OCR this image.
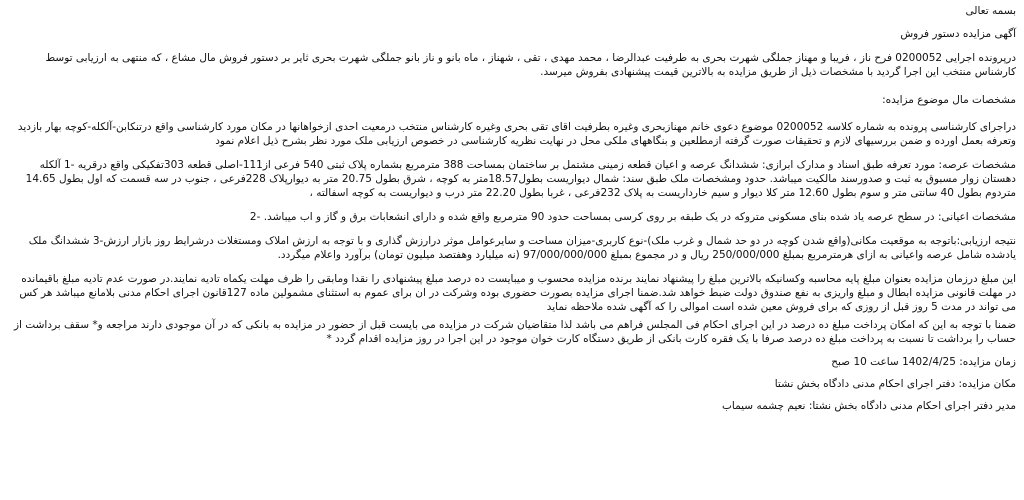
بسمه تعالی

آگهی مزایده دستور فروش

درپرونده اجرایی 0200052 فرح ناز ، فریبا و مهناز جملگی شهرت بحری به طرفیت عبدالرضا ، محمد مهدی ، تقی ، شهناز ، ماه بانو و ناز بانو جملگی شهرت بحری ثایر بر دستور فروش مال مشاع ، که منتهی به ارزیابی توسط کارشناس منتخب این اجرا گردید با مشخصات ذیل از طریق مزایده به بالاترین قیمت پیشنهادی بفروش میرسد.

مشخصات مال موضوع مزایده:

دراجرای کارشناسی پرونده به شماره کلاسه 0200052 موضوع دعوی خانم مهنازبحری وغیره بطرفیت اقای تقی بحری وغیره کارشناس منتخب درمعیت احدی ازخواهانها در مکان مورد کارشناسی واقع درتنکابن-آلکله-کوچه بهار بازدید وتعرفه بعمل اورده و ضمن بررسیهای لازم و تحقیقات صورت گرفته ازمطلعین و بنگاههای ملکی محل در نهایت نظریه کارشناسی در خصوص ارزیابی ملک مورد نظر بشرح ذیل اعلام نمود

مشخصات عرصه: مورد تعرفه طبق اسناد و مدارک ابرازی: ششدانگ عرصه و اعیان قطعه زمینی مشتمل بر ساختمان بمساحت 388 مترمربع بشماره پلاک ثبتی 540 فرعی از111-اصلی قطعه 303تفکیکی واقع درقریه -1 آلکله دهستان زوار مسبوق به ثبت و صدورسند مالکیت میباشد. حدود ومشخصات ملک طبق سند: شمال دیواریست بطول18.57متر به کوچه ، شرق بطول 20.75 متر به دیوارپلاک 228فرعی ، جنوب در سه قسمت که اول بطول 14.65 متردوم بطول 40 سانتی متر و سوم بطول 12.60 متر کلا دیوار و سیم خارداریست به پلاک 232فرعی ، غربا بطول 22.20 متر درب و دیواریست به کوچه اسفالته ،

مشخصات اعیانی: در سطح عرصه یاد شده بنای مسکونی متروکه در یک طبقه بر روی کرسی بمساحت حدود 90 مترمربع واقع شده و دارای انشعابات برق و گاز و اب میباشد. -2

نتیجه ارزیابی:باتوجه به موقعیت مکانی(واقع شدن کوچه در دو حد شمال و غرب ملک)-نوع کاربری-میزان مساحت و سایرعوامل موثر درارزش گذاری و با توجه به ارزش املاک ومستغلات درشرایط روز بازار ارزش-3 ششدانگ ملک یادشده شامل عرصه واعیانی به ازای هرمترمربع بمبلغ 250/000/000 ریال و در مجموع بمبلغ 97/000/000/000 (نه میلیارد وهفتصد میلیون تومان) برآورد واعلام میگردد.

این مبلغ درزمان مزایده بعنوان مبلغ پایه محاسبه وکسانیکه بالاترین مبلغ را پیشنهاد نمایند برنده مزایده محسوب و میبایست ده درصد مبلغ پیشنهادی را نقدا ومابقی را ظرف مهلت یکماه تادیه نمایند.در صورت عدم تادیه مبلغ باقیمانده در مهلت قانونی مزایده ابطال و مبلغ واریزی به نفع صندوق دولت ضبط خواهد شد.ضمنا اجرای مزایده بصورت حضوری بوده وشرکت در ان برای عموم به استثنای مشمولین ماده 127قانون اجرای احکام مدنی بلامانع میباشد هر کس می تواند در مدت 5 روز قبل از روزی که برای فروش معین شده است اموالی را که آگهی شده ملاحظه نماید

ضمنا با توجه به این که امکان پرداخت مبلغ ده درصد در این اجرای احکام فی المجلس فراهم می باشد لذا متقاضیان شرکت در مزایده می بایست قبل از حضور در مزایده به بانکی که در آن موجودی دارند مراجعه و* سقف برداشت از حساب را برداشت تا نسبت به پرداخت مبلغ ده درصد صرفا با یک فقره کارت بانکی از طریق دستگاه کارت خوان موجود در این اجرا در روز مزایده اقدام گردد *

زمان مزایده: 1402/4/25 ساعت 10 صبح

مکان مزایده: دفتر اجرای احکام مدنی دادگاه بخش نشتا

مدیر دفتر اجرای احکام مدنی دادگاه بخش نشتا: نعیم چشمه سیماب
